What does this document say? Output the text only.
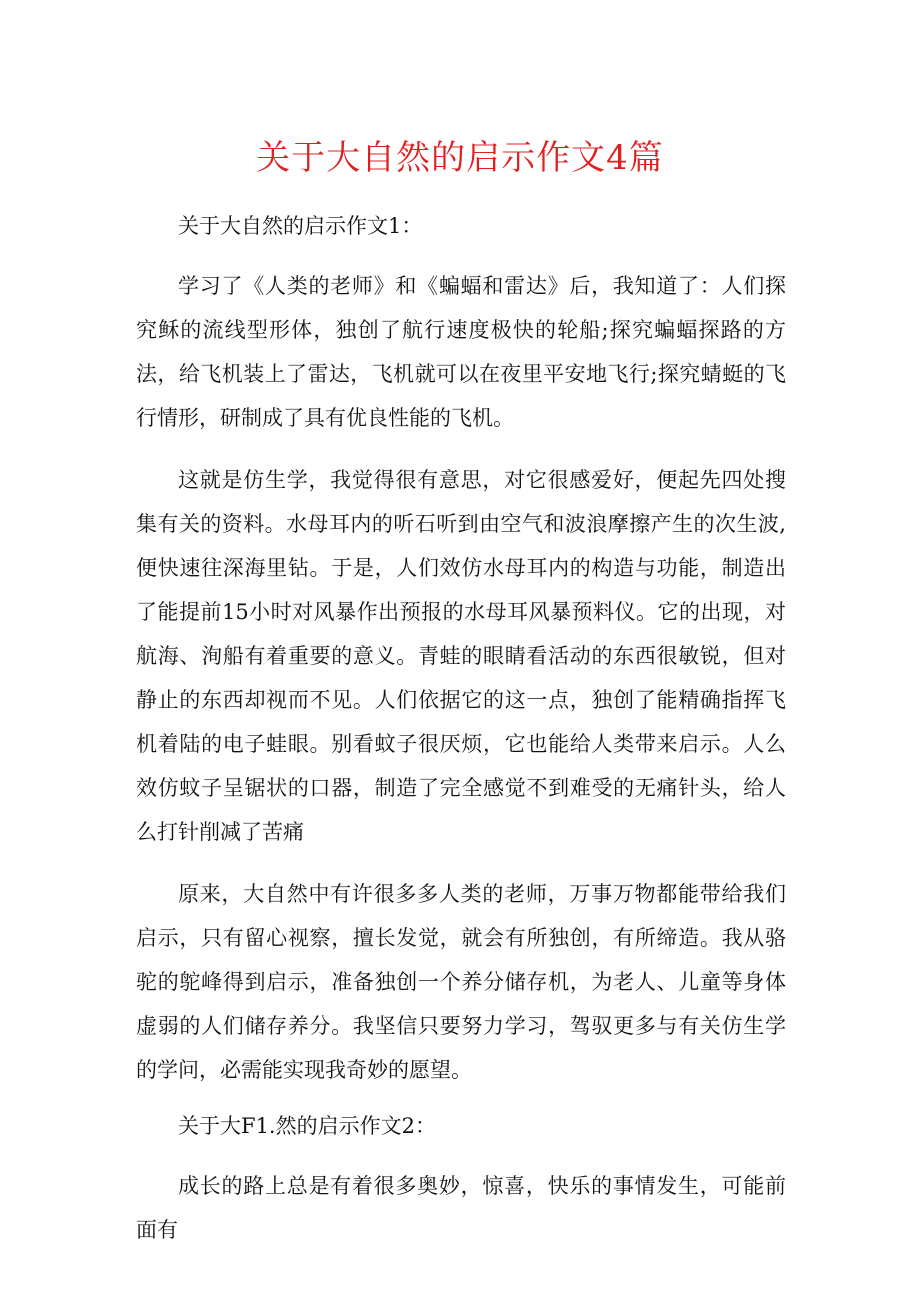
关于大自然的启示作文4篇

关于大自然的启示作文1：

学习了《人类的老师》和《蝙蝠和雷达》后，我知道了：人们探究稣的流线型形体，独创了航行速度极快的轮船;探究蝙蝠探路的方法，给飞机装上了雷达，飞机就可以在夜里平安地飞行;探究蜻蜓的飞行情形，研制成了具有优良性能的飞机。

这就是仿生学，我觉得很有意思，对它很感爱好，便起先四处搜集有关的资料。水母耳内的听石听到由空气和波浪摩擦产生的次生波,便快速往深海里钻。于是，人们效仿水母耳内的构造与功能，制造出了能提前15小时对风暴作出预报的水母耳风暴预料仪。它的出现，对航海、洵船有着重要的意义。青蛙的眼睛看活动的东西很敏锐，但对静止的东西却视而不见。人们依据它的这一点，独创了能精确指挥飞机着陆的电子蛙眼。别看蚊子很厌烦，它也能给人类带来启示。人么效仿蚊子呈锯状的口器，制造了完全感觉不到难受的无痛针头，给人么打针削减了苦痛

原来，大自然中有许很多多人类的老师，万事万物都能带给我们启示，只有留心视察，擅长发觉，就会有所独创，有所缔造。我从骆驼的鸵峰得到启示，准备独创一个养分储存机，为老人、儿童等身体虚弱的人们储存养分。我坚信只要努力学习，驾驭更多与有关仿生学的学问，必需能实现我奇妙的愿望。

关于大F1.然的启示作文2：

成长的路上总是有着很多奥妙，惊喜，快乐的事情发生，可能前面有
